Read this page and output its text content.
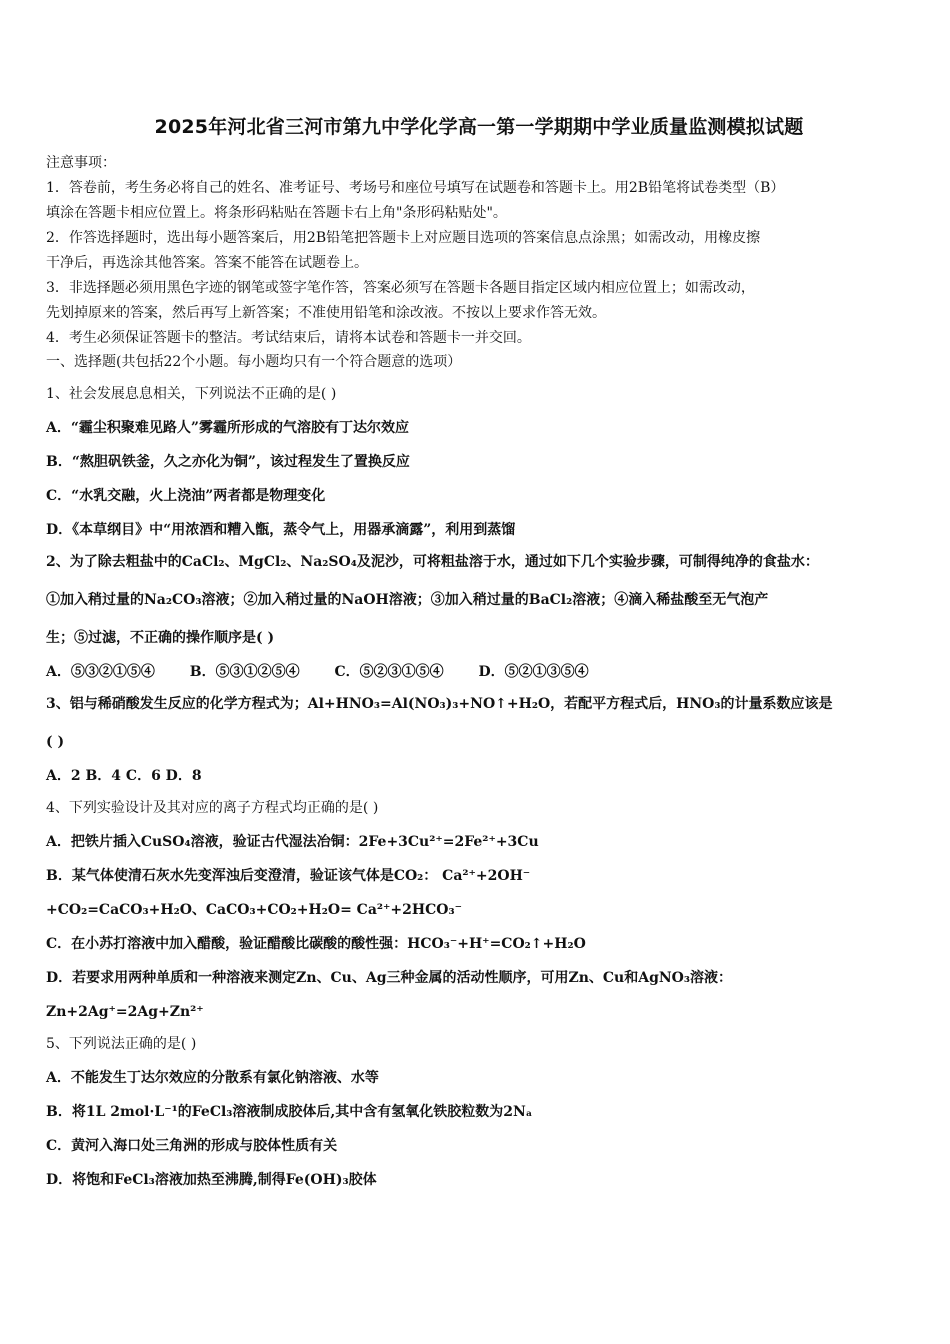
2025年河北省三河市第九中学化学高一第一学期期中学业质量监测模拟试题

注意事项：

1．答卷前，考生务必将自己的姓名、准考证号、考场号和座位号填写在试题卷和答题卡上。用2B铅笔将试卷类型（B）

填涂在答题卡相应位置上。将条形码粘贴在答题卡右上角"条形码粘贴处"。

2．作答选择题时，选出每小题答案后，用2B铅笔把答题卡上对应题目选项的答案信息点涂黑；如需改动，用橡皮擦

干净后，再选涂其他答案。答案不能答在试题卷上。

3．非选择题必须用黑色字迹的钢笔或签字笔作答，答案必须写在答题卡各题目指定区域内相应位置上；如需改动，

先划掉原来的答案，然后再写上新答案；不准使用铅笔和涂改液。不按以上要求作答无效。

4．考生必须保证答题卡的整洁。考试结束后，请将本试卷和答题卡一并交回。

一、选择题(共包括22个小题。每小题均只有一个符合题意的选项）
1、社会发展息息相关，下列说法不正确的是( )
A．“霾尘积聚难见路人”雾霾所形成的气溶胶有丁达尔效应
B．“熬胆矾铁釜，久之亦化为铜”，该过程发生了置换反应
C．“水乳交融，火上浇油”两者都是物理变化
D．《本草纲目》中“用浓酒和糟入甑，蒸令气上，用器承滴露”，利用到蒸馏
2、为了除去粗盐中的CaCl₂、MgCl₂、Na₂SO₄及泥沙，可将粗盐溶于水，通过如下几个实验步骤，可制得纯净的食盐水：
①加入稍过量的Na₂CO₃溶液；②加入稍过量的NaOH溶液；③加入稍过量的BaCl₂溶液；④滴入稀盐酸至无气泡产
生；⑤过滤，不正确的操作顺序是( )
A．⑤③②①⑤④ B．⑤③①②⑤④ C．⑤②③①⑤④ D．⑤②①③⑤④
3、铝与稀硝酸发生反应的化学方程式为；Al+HNO₃=Al(NO₃)₃+NO↑+H₂O，若配平方程式后，HNO₃的计量系数应该是
( )
A．2 B．4 C．6 D．8
4、下列实验设计及其对应的离子方程式均正确的是( )
A．把铁片插入CuSO₄溶液，验证古代湿法冶铜：2Fe+3Cu²⁺=2Fe²⁺+3Cu
B．某气体使清石灰水先变浑浊后变澄清，验证该气体是CO₂： Ca²⁺+2OH⁻
+CO₂=CaCO₃+H₂O、CaCO₃+CO₂+H₂O= Ca²⁺+2HCO₃⁻
C．在小苏打溶液中加入醋酸，验证醋酸比碳酸的酸性强：HCO₃⁻+H⁺=CO₂↑+H₂O
D．若要求用两种单质和一种溶液来测定Zn、Cu、Ag三种金属的活动性顺序，可用Zn、Cu和AgNO₃溶液：
Zn+2Ag⁺=2Ag+Zn²⁺
5、下列说法正确的是( )
A．不能发生丁达尔效应的分散系有氯化钠溶液、水等
B．将1L 2mol·L⁻¹的FeCl₃溶液制成胶体后,其中含有氢氧化铁胶粒数为2Nₐ
C．黄河入海口处三角洲的形成与胶体性质有关
D．将饱和FeCl₃溶液加热至沸腾,制得Fe(OH)₃胶体
